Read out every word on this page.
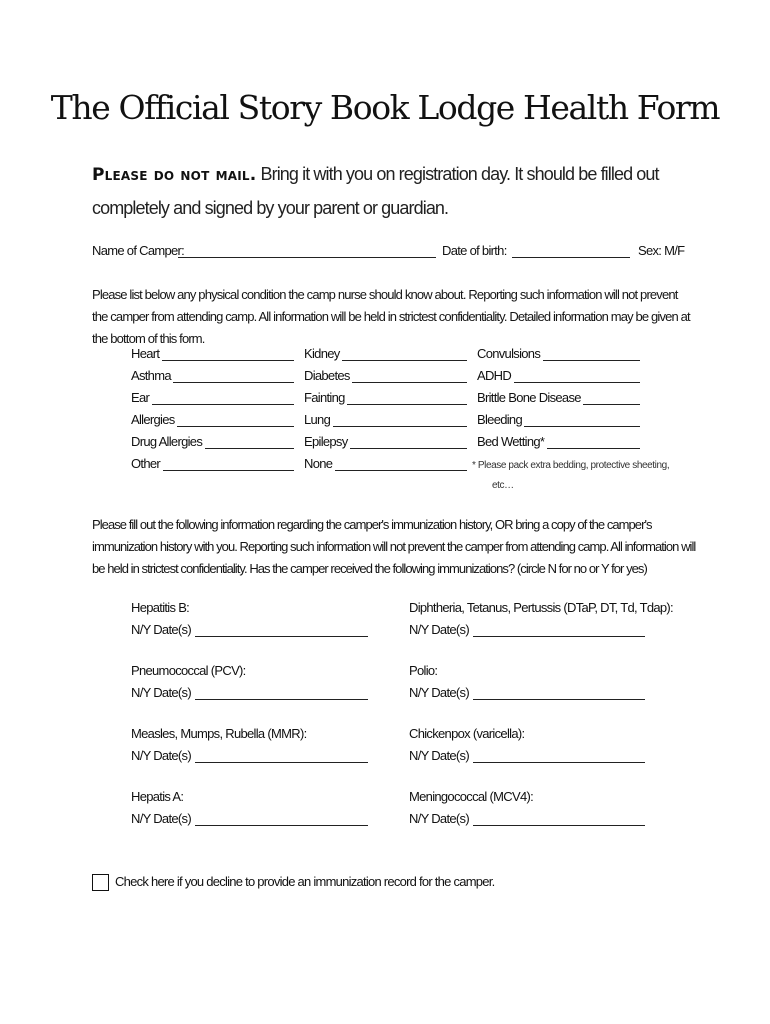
The Official Story Book Lodge Health Form
Please do not mail. Bring it with you on registration day. It should be filled out completely and signed by your parent or guardian.
Name of Camper:	Date of birth:	Sex: M/F
Please list below any physical condition the camp nurse should know about. Reporting such information will not prevent the camper from attending camp. All information will be held in strictest confidentiality. Detailed information may be given at the bottom of this form.
Heart
Asthma
Ear
Allergies
Drug Allergies
Other
Kidney
Diabetes
Fainting
Lung
Epilepsy
None
Convulsions
ADHD
Brittle Bone Disease
Bleeding
Bed Wetting*
* Please pack extra bedding, protective sheeting,
etc…
Please fill out the following information regarding the camper's immunization history, OR bring a copy of the camper's immunization history with you. Reporting such information will not prevent the camper from attending camp. All information will be held in strictest confidentiality. Has the camper received the following immunizations? (circle N for no or Y for yes)
Hepatitis B:
N/Y Date(s)
Pneumococcal (PCV):
N/Y Date(s)
Measles, Mumps, Rubella (MMR):
N/Y Date(s)
Hepatis A:
N/Y Date(s)
Diphtheria, Tetanus, Pertussis (DTaP, DT, Td, Tdap):
N/Y Date(s)
Polio:
N/Y Date(s)
Chickenpox (varicella):
N/Y Date(s)
Meningococcal (MCV4):
N/Y Date(s)
Check here if you decline to provide an immunization record for the camper.
